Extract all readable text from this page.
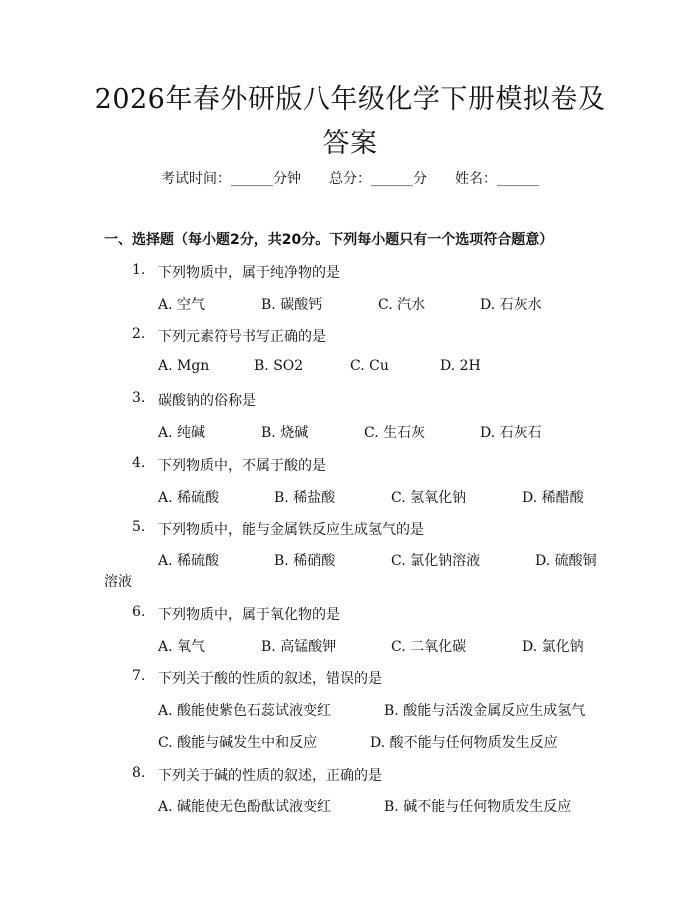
2026年春外研版八年级化学下册模拟卷及答案
考试时间：______分钟 总分：______分 姓名：______
一、选择题（每小题2分，共20分。下列每小题只有一个选项符合题意）
1. 下列物质中，属于纯净物的是
A. 空气	B. 碳酸钙	C. 汽水	D. 石灰水
2. 下列元素符号书写正确的是
A. Mgn	B. SO2	C. Cu	D. 2H
3. 碳酸钠的俗称是
A. 纯碱	B. 烧碱	C. 生石灰	D. 石灰石
4. 下列物质中，不属于酸的是
A. 稀硫酸	B. 稀盐酸	C. 氢氧化钠	D. 稀醋酸
5. 下列物质中，能与金属铁反应生成氢气的是
A. 稀硫酸	B. 稀硝酸	C. 氯化钠溶液	D. 硫酸铜
溶液
6. 下列物质中，属于氧化物的是
A. 氧气	B. 高锰酸钾	C. 二氧化碳	D. 氯化钠
7. 下列关于酸的性质的叙述，错误的是
A. 酸能使紫色石蕊试液变红	B. 酸能与活泼金属反应生成氢气
C. 酸能与碱发生中和反应	D. 酸不能与任何物质发生反应
8. 下列关于碱的性质的叙述，正确的是
A. 碱能使无色酚酞试液变红	B. 碱不能与任何物质发生反应
